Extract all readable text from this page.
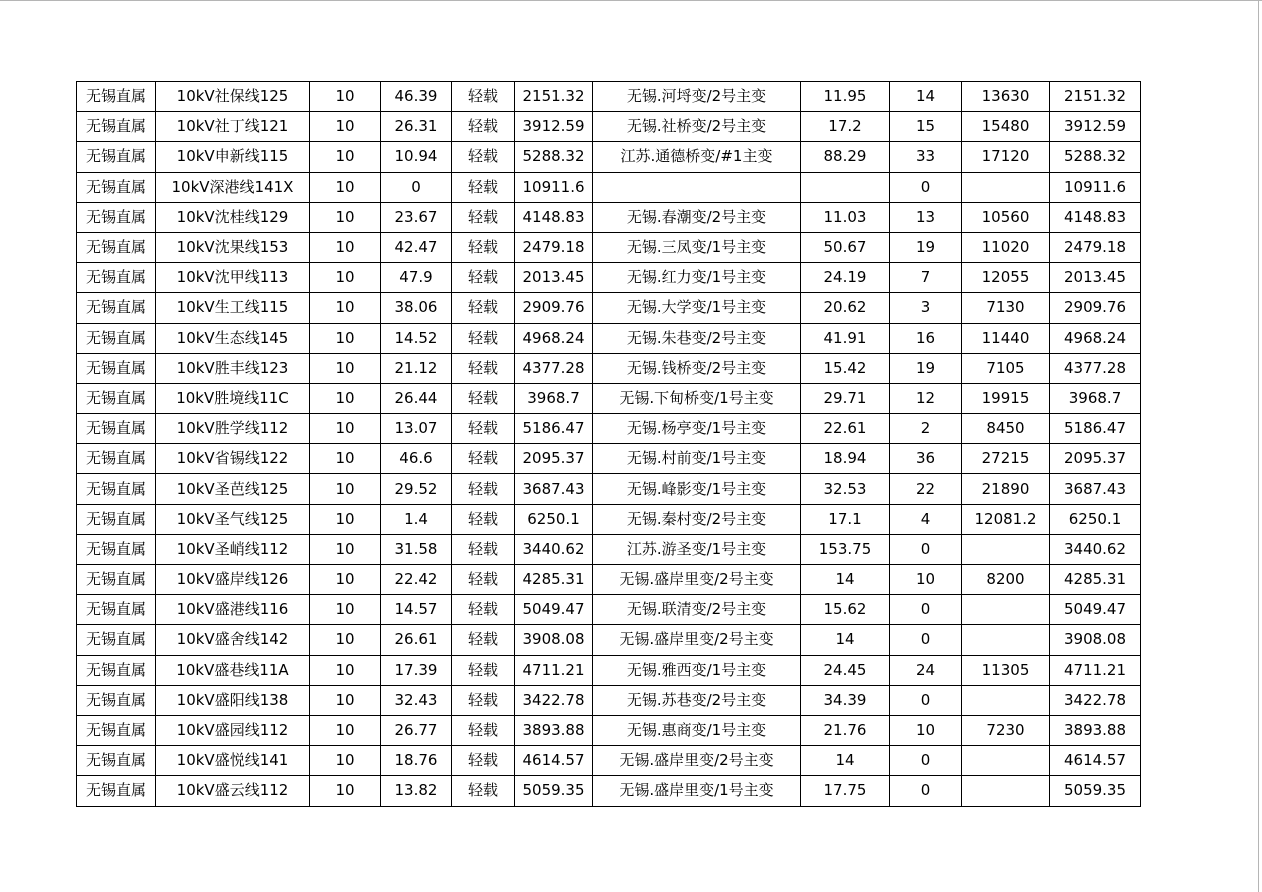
无锡直属	10kV社保线125	10	46.39	轻载	2151.32	无锡.河埒变/2号主变	11.95	14	13630	2151.32
无锡直属	10kV社丁线121	10	26.31	轻载	3912.59	无锡.社桥变/2号主变	17.2	15	15480	3912.59
无锡直属	10kV申新线115	10	10.94	轻载	5288.32	江苏.通德桥变/#1主变	88.29	33	17120	5288.32
无锡直属	10kV深港线141X	10	0	轻载	10911.6			0		10911.6
无锡直属	10kV沈桂线129	10	23.67	轻载	4148.83	无锡.春潮变/2号主变	11.03	13	10560	4148.83
无锡直属	10kV沈果线153	10	42.47	轻载	2479.18	无锡.三凤变/1号主变	50.67	19	11020	2479.18
无锡直属	10kV沈甲线113	10	47.9	轻载	2013.45	无锡.红力变/1号主变	24.19	7	12055	2013.45
无锡直属	10kV生工线115	10	38.06	轻载	2909.76	无锡.大学变/1号主变	20.62	3	7130	2909.76
无锡直属	10kV生态线145	10	14.52	轻载	4968.24	无锡.朱巷变/2号主变	41.91	16	11440	4968.24
无锡直属	10kV胜丰线123	10	21.12	轻载	4377.28	无锡.钱桥变/2号主变	15.42	19	7105	4377.28
无锡直属	10kV胜境线11C	10	26.44	轻载	3968.7	无锡.下甸桥变/1号主变	29.71	12	19915	3968.7
无锡直属	10kV胜学线112	10	13.07	轻载	5186.47	无锡.杨亭变/1号主变	22.61	2	8450	5186.47
无锡直属	10kV省锡线122	10	46.6	轻载	2095.37	无锡.村前变/1号主变	18.94	36	27215	2095.37
无锡直属	10kV圣芭线125	10	29.52	轻载	3687.43	无锡.峰影变/1号主变	32.53	22	21890	3687.43
无锡直属	10kV圣气线125	10	1.4	轻载	6250.1	无锡.秦村变/2号主变	17.1	4	12081.2	6250.1
无锡直属	10kV圣峭线112	10	31.58	轻载	3440.62	江苏.游圣变/1号主变	153.75	0		3440.62
无锡直属	10kV盛岸线126	10	22.42	轻载	4285.31	无锡.盛岸里变/2号主变	14	10	8200	4285.31
无锡直属	10kV盛港线116	10	14.57	轻载	5049.47	无锡.联清变/2号主变	15.62	0		5049.47
无锡直属	10kV盛舍线142	10	26.61	轻载	3908.08	无锡.盛岸里变/2号主变	14	0		3908.08
无锡直属	10kV盛巷线11A	10	17.39	轻载	4711.21	无锡.雅西变/1号主变	24.45	24	11305	4711.21
无锡直属	10kV盛阳线138	10	32.43	轻载	3422.78	无锡.苏巷变/2号主变	34.39	0		3422.78
无锡直属	10kV盛园线112	10	26.77	轻载	3893.88	无锡.惠商变/1号主变	21.76	10	7230	3893.88
无锡直属	10kV盛悦线141	10	18.76	轻载	4614.57	无锡.盛岸里变/2号主变	14	0		4614.57
无锡直属	10kV盛云线112	10	13.82	轻载	5059.35	无锡.盛岸里变/1号主变	17.75	0		5059.35
